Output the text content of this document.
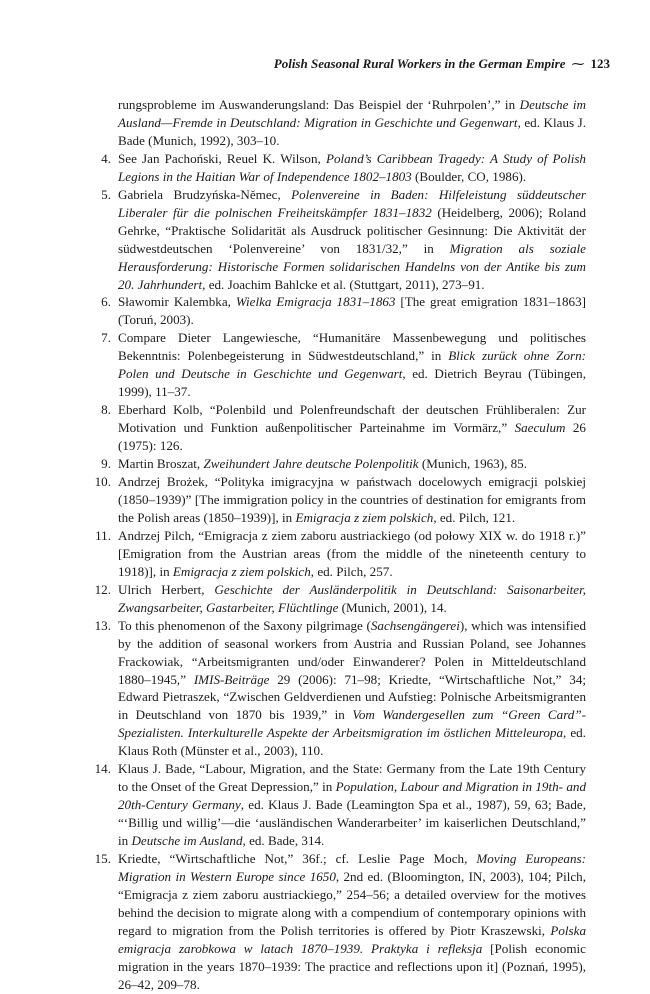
Polish Seasonal Rural Workers in the German Empire ⁓ 123
rungsprobleme im Auswanderungsland: Das Beispiel der ‘Ruhrpolen’,” in Deutsche im Ausland—Fremde in Deutschland: Migration in Geschichte und Gegenwart, ed. Klaus J. Bade (Munich, 1992), 303–10.
4. See Jan Pachoński, Reuel K. Wilson, Poland’s Caribbean Tragedy: A Study of Polish Legions in the Haitian War of Independence 1802–1803 (Boulder, CO, 1986).
5. Gabriela Brudzyńska-Němec, Polenvereine in Baden: Hilfeleistung süddeutscher Liberaler für die polnischen Freiheitskämpfer 1831–1832 (Heidelberg, 2006); Roland Gehrke, “Praktische Solidarität als Ausdruck politischer Gesinnung: Die Aktivität der südwestdeutschen ‘Polenvereine’ von 1831/32,” in Migration als soziale Herausforderung: Historische Formen solidarischen Handelns von der Antike bis zum 20. Jahrhundert, ed. Joachim Bahlcke et al. (Stuttgart, 2011), 273–91.
6. Sławomir Kalembka, Wielka Emigracja 1831–1863 [The great emigration 1831–1863] (Toruń, 2003).
7. Compare Dieter Langewiesche, “Humanitäre Massenbewegung und politisches Bekenntnis: Polenbegeisterung in Südwestdeutschland,” in Blick zurück ohne Zorn: Polen und Deutsche in Geschichte und Gegenwart, ed. Dietrich Beyrau (Tübingen, 1999), 11–37.
8. Eberhard Kolb, “Polenbild und Polenfreundschaft der deutschen Frühliberalen: Zur Motivation und Funktion außenpolitischer Parteinahme im Vormärz,” Saeculum 26 (1975): 126.
9. Martin Broszat, Zweihundert Jahre deutsche Polenpolitik (Munich, 1963), 85.
10. Andrzej Brożek, “Polityka imigracyjna w państwach docelowych emigracji polskiej (1850–1939)” [The immigration policy in the countries of destination for emigrants from the Polish areas (1850–1939)], in Emigracja z ziem polskich, ed. Pilch, 121.
11. Andrzej Pilch, “Emigracja z ziem zaboru austriackiego (od połowy XIX w. do 1918 r.)” [Emigration from the Austrian areas (from the middle of the nineteenth century to 1918)], in Emigracja z ziem polskich, ed. Pilch, 257.
12. Ulrich Herbert, Geschichte der Ausländerpolitik in Deutschland: Saisonarbeiter, Zwangsarbeiter, Gastarbeiter, Flüchtlinge (Munich, 2001), 14.
13. To this phenomenon of the Saxony pilgrimage (Sachsengängerei), which was intensified by the addition of seasonal workers from Austria and Russian Poland, see Johannes Frackowiak, “Arbeitsmigranten und/oder Einwanderer? Polen in Mitteldeutschland 1880–1945,” IMIS-Beiträge 29 (2006): 71–98; Kriedte, “Wirtschaftliche Not,” 34; Edward Pietraszek, “Zwischen Geldverdienen und Aufstieg: Polnische Arbeitsmigranten in Deutschland von 1870 bis 1939,” in Vom Wandergesellen zum “Green Card”-Spezialisten. Interkulturelle Aspekte der Arbeitsmigration im östlichen Mitteleuropa, ed. Klaus Roth (Münster et al., 2003), 110.
14. Klaus J. Bade, “Labour, Migration, and the State: Germany from the Late 19th Century to the Onset of the Great Depression,” in Population, Labour and Migration in 19th- and 20th-Century Germany, ed. Klaus J. Bade (Leamington Spa et al., 1987), 59, 63; Bade, “‘Billig und willig’—die ‘ausländischen Wanderarbeiter’ im kaiserlichen Deutschland,” in Deutsche im Ausland, ed. Bade, 314.
15. Kriedte, “Wirtschaftliche Not,” 36f.; cf. Leslie Page Moch, Moving Europeans: Migration in Western Europe since 1650, 2nd ed. (Bloomington, IN, 2003), 104; Pilch, “Emigracja z ziem zaboru austriackiego,” 254–56; a detailed overview for the motives behind the decision to migrate along with a compendium of contemporary opinions with regard to migration from the Polish territories is offered by Piotr Kraszewski, Polska emigracja zarobkowa w latach 1870–1939. Praktyka i refleksja [Polish economic migration in the years 1870–1939: The practice and reflections upon it] (Poznań, 1995), 26–42, 209–78.
